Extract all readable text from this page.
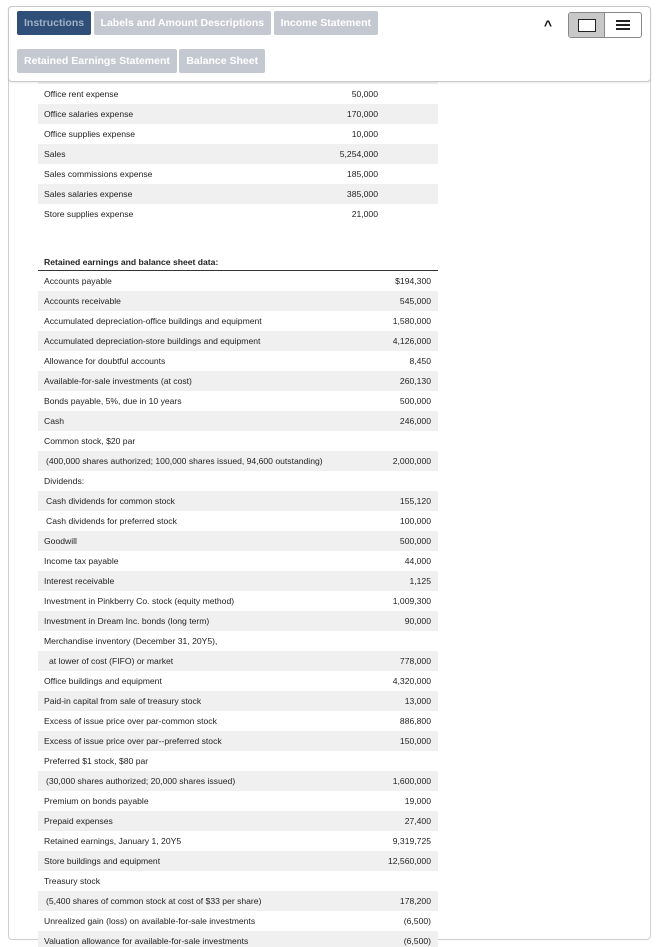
Instructions Labels and Amount Descriptions Income Statement
Retained Earnings Statement Balance Sheet
^
Office rent expense	50,000
Office salaries expense	170,000
Office supplies expense	10,000
Sales	5,254,000
Sales commissions expense	185,000
Sales salaries expense	385,000
Store supplies expense	21,000
Retained earnings and balance sheet data:
Accounts payable	$194,300
Accounts receivable	545,000
Accumulated depreciation-office buildings and equipment	1,580,000
Accumulated depreciation-store buildings and equipment	4,126,000
Allowance for doubtful accounts	8,450
Available-for-sale investments (at cost)	260,130
Bonds payable, 5%, due in 10 years	500,000
Cash	246,000
Common stock, $20 par
(400,000 shares authorized; 100,000 shares issued, 94,600 outstanding)	2,000,000
Dividends:
Cash dividends for common stock	155,120
Cash dividends for preferred stock	100,000
Goodwill	500,000
Income tax payable	44,000
Interest receivable	1,125
Investment in Pinkberry Co. stock (equity method)	1,009,300
Investment in Dream Inc. bonds (long term)	90,000
Merchandise inventory (December 31, 20Y5),
at lower of cost (FIFO) or market	778,000
Office buildings and equipment	4,320,000
Paid-in capital from sale of treasury stock	13,000
Excess of issue price over par-common stock	886,800
Excess of issue price over par--preferred stock	150,000
Preferred $1 stock, $80 par
(30,000 shares authorized; 20,000 shares issued)	1,600,000
Premium on bonds payable	19,000
Prepaid expenses	27,400
Retained earnings, January 1, 20Y5	9,319,725
Store buildings and equipment	12,560,000
Treasury stock
(5,400 shares of common stock at cost of $33 per share)	178,200
Unrealized gain (loss) on available-for-sale investments	(6,500)
Valuation allowance for available-for-sale investments	(6,500)
